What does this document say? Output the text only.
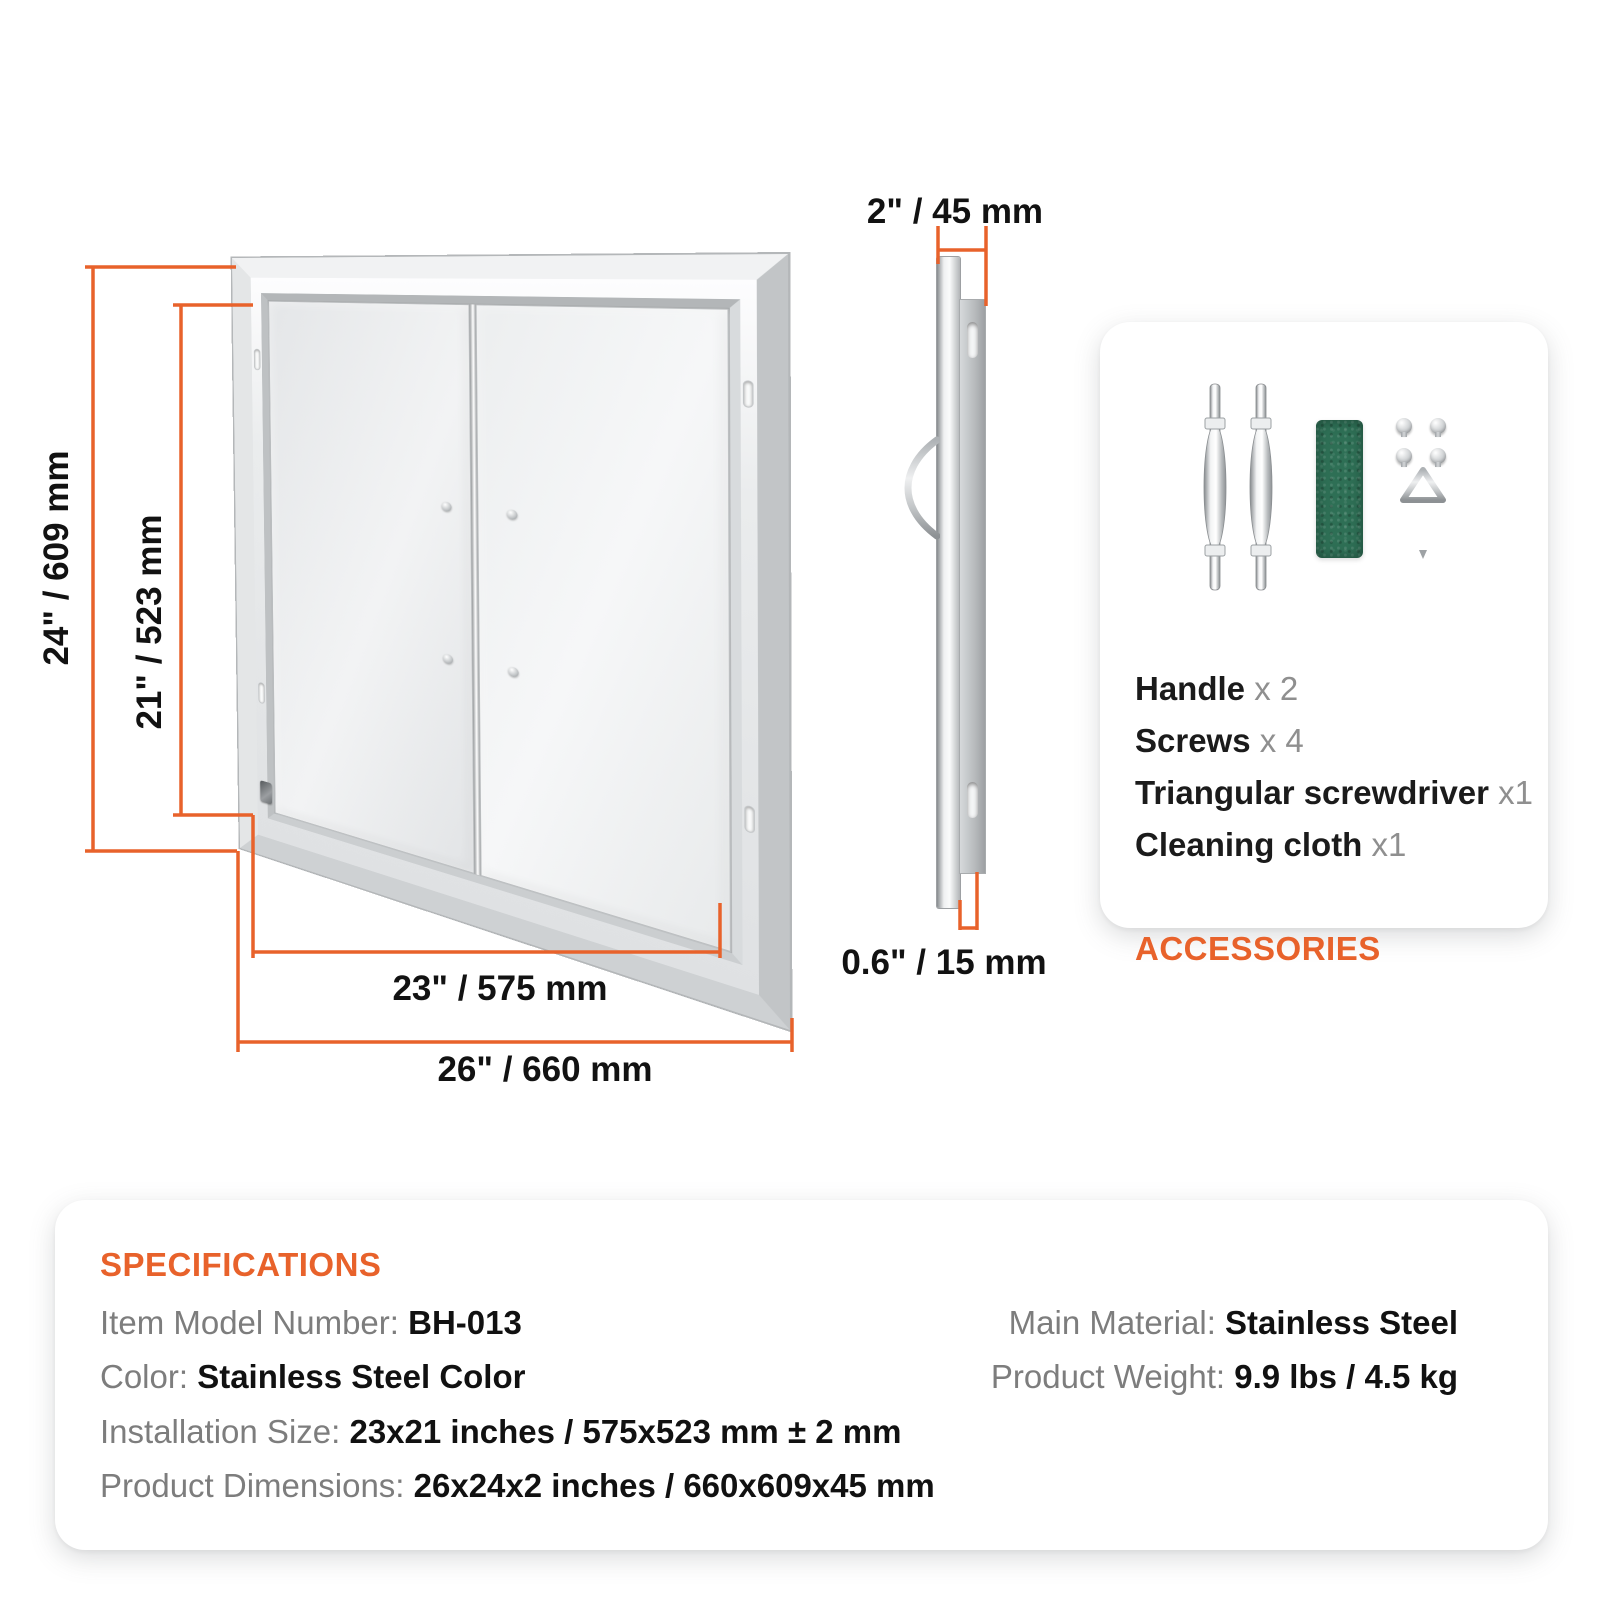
24" / 609 mm 21" / 523 mm
23" / 575 mm
26" / 660 mm
2" / 45 mm
0.6" / 15 mm	ACCESSORIES
Handle x 2
Screws x 4
Triangular screwdriver x1
Cleaning cloth x1
SPECIFICATIONS
Item Model Number: BH-013
Color: Stainless Steel Color
Installation Size: 23x21 inches / 575x523 mm ± 2 mm
Product Dimensions: 26x24x2 inches / 660x609x45 mm
Main Material: Stainless Steel
Product Weight: 9.9 lbs / 4.5 kg
